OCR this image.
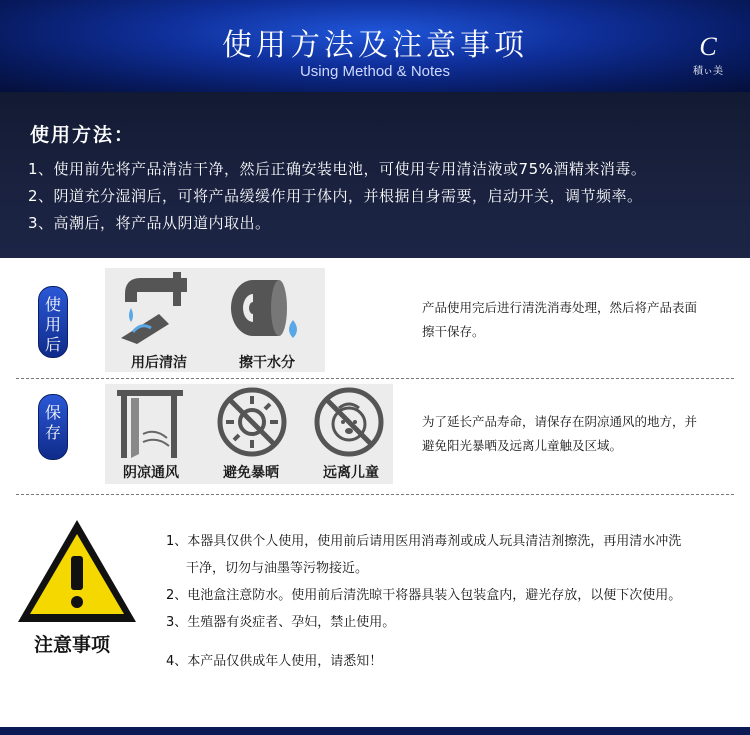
使用方法及注意事项
Using Method & Notes
C
積ぃ美
使用方法：
1、使用前先将产品清洁干净，然后正确安装电池，可使用专用清洁液或75%酒精来消毒。
2、阴道充分湿润后，可将产品缓缓作用于体内，并根据自身需要，启动开关，调节频率。
3、高潮后，将产品从阴道内取出。
使用后
用后清洁	擦干水分
产品使用完后进行清洗消毒处理，然后将产品表面
擦干保存。
保存
阴凉通风	避免暴晒	远离儿童
为了延长产品寿命，请保存在阴凉通风的地方，并
避免阳光暴晒及远离儿童触及区域。
注意事项
1、本器具仅供个人使用，使用前后请用医用消毒剂或成人玩具清洁剂擦洗，再用清水冲洗
干净，切勿与油墨等污物接近。
2、电池盒注意防水。使用前后清洗晾干将器具装入包装盒内，避光存放，以便下次使用。
3、生殖器有炎症者、孕妇，禁止使用。
4、本产品仅供成年人使用，请悉知！
